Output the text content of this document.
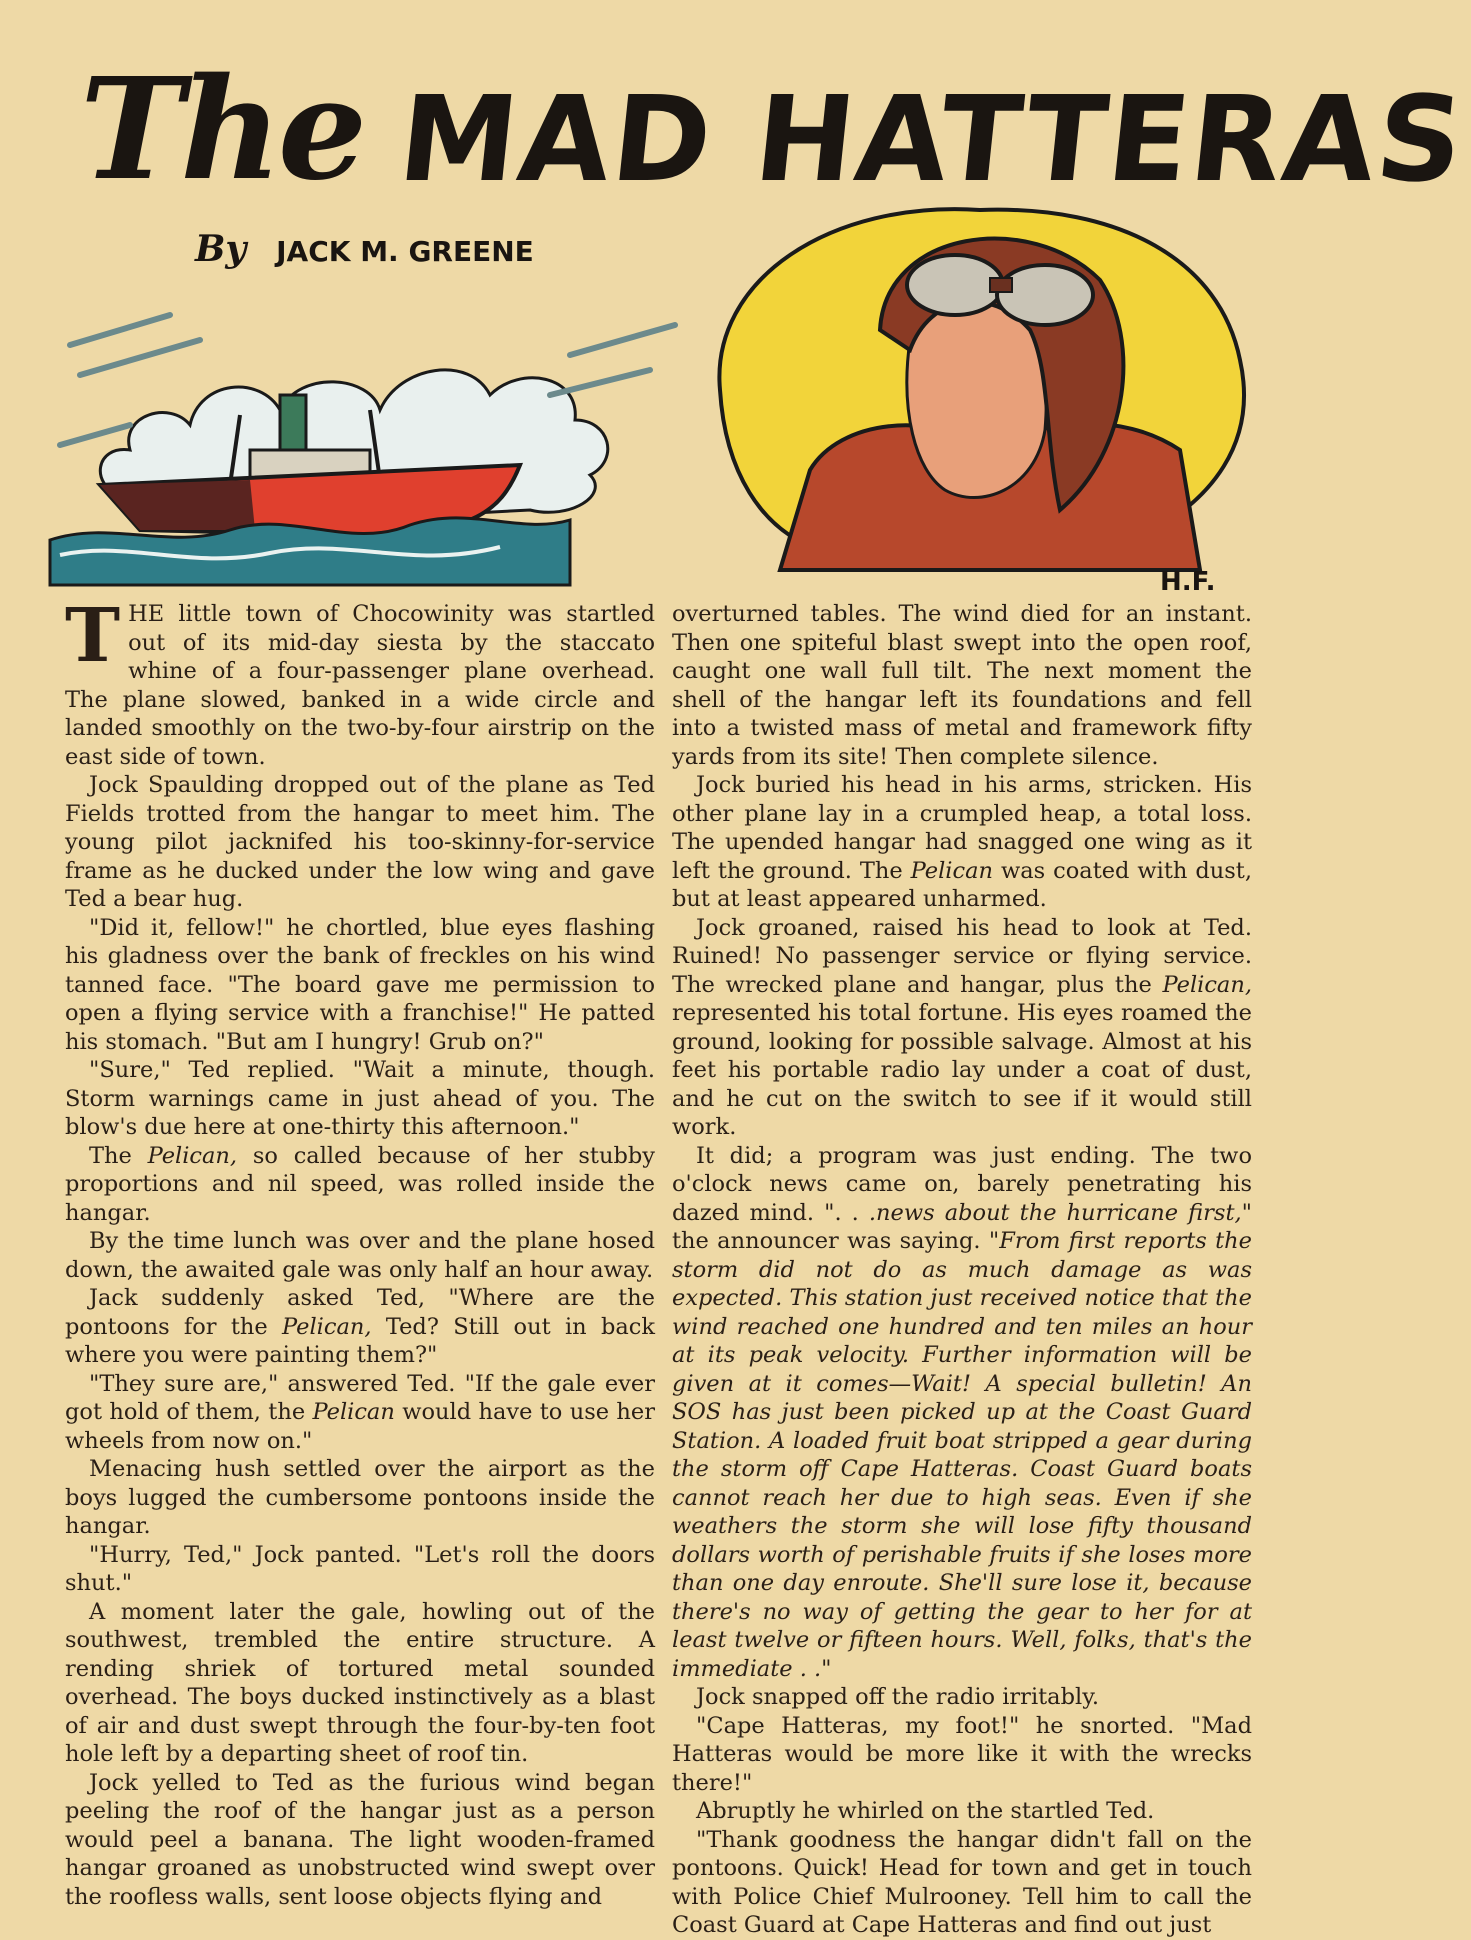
The MAD HATTERAS
By JACK M. GREENE
H.F.

THE little town of Chocowinity was startled out of its mid-day siesta by the staccato whine of a four-passenger plane overhead. The plane slowed, banked in a wide circle and landed smoothly on the two-by-four airstrip on the east side of town.

Jock Spaulding dropped out of the plane as Ted Fields trotted from the hangar to meet him. The young pilot jacknifed his too-skinny-for-service frame as he ducked under the low wing and gave Ted a bear hug.

"Did it, fellow!" he chortled, blue eyes flashing his gladness over the bank of freckles on his wind tanned face. "The board gave me permission to open a flying service with a franchise!" He patted his stomach. "But am I hungry! Grub on?"

"Sure," Ted replied. "Wait a minute, though. Storm warnings came in just ahead of you. The blow's due here at one-thirty this afternoon."

The Pelican, so called because of her stubby proportions and nil speed, was rolled inside the hangar.

By the time lunch was over and the plane hosed down, the awaited gale was only half an hour away.

Jack suddenly asked Ted, "Where are the pontoons for the Pelican, Ted? Still out in back where you were painting them?"

"They sure are," answered Ted. "If the gale ever got hold of them, the Pelican would have to use her wheels from now on."

Menacing hush settled over the airport as the boys lugged the cumbersome pontoons inside the hangar.

"Hurry, Ted," Jock panted. "Let's roll the doors shut."

A moment later the gale, howling out of the southwest, trembled the entire structure. A rending shriek of tortured metal sounded overhead. The boys ducked instinctively as a blast of air and dust swept through the four-by-ten foot hole left by a departing sheet of roof tin.

Jock yelled to Ted as the furious wind began peeling the roof of the hangar just as a person would peel a banana. The light wooden-framed hangar groaned as unobstructed wind swept over the roofless walls, sent loose objects flying and

overturned tables. The wind died for an instant. Then one spiteful blast swept into the open roof, caught one wall full tilt. The next moment the shell of the hangar left its foundations and fell into a twisted mass of metal and framework fifty yards from its site! Then complete silence.

Jock buried his head in his arms, stricken. His other plane lay in a crumpled heap, a total loss. The upended hangar had snagged one wing as it left the ground. The Pelican was coated with dust, but at least appeared unharmed.

Jock groaned, raised his head to look at Ted. Ruined! No passenger service or flying service. The wrecked plane and hangar, plus the Pelican, represented his total fortune. His eyes roamed the ground, looking for possible salvage. Almost at his feet his portable radio lay under a coat of dust, and he cut on the switch to see if it would still work.

It did; a program was just ending. The two o'clock news came on, barely penetrating his dazed mind. ". . .news about the hurricane first," the announcer was saying. "From first reports the storm did not do as much damage as was expected. This station just received notice that the wind reached one hundred and ten miles an hour at its peak velocity. Further information will be given at it comes—Wait! A special bulletin! An SOS has just been picked up at the Coast Guard Station. A loaded fruit boat stripped a gear during the storm off Cape Hatteras. Coast Guard boats cannot reach her due to high seas. Even if she weathers the storm she will lose fifty thousand dollars worth of perishable fruits if she loses more than one day enroute. She'll sure lose it, because there's no way of getting the gear to her for at least twelve or fifteen hours. Well, folks, that's the immediate . ."

Jock snapped off the radio irritably.

"Cape Hatteras, my foot!" he snorted. "Mad Hatteras would be more like it with the wrecks there!"

Abruptly he whirled on the startled Ted.

"Thank goodness the hangar didn't fall on the pontoons. Quick! Head for town and get in touch with Police Chief Mulrooney. Tell him to call the Coast Guard at Cape Hatteras and find out just
